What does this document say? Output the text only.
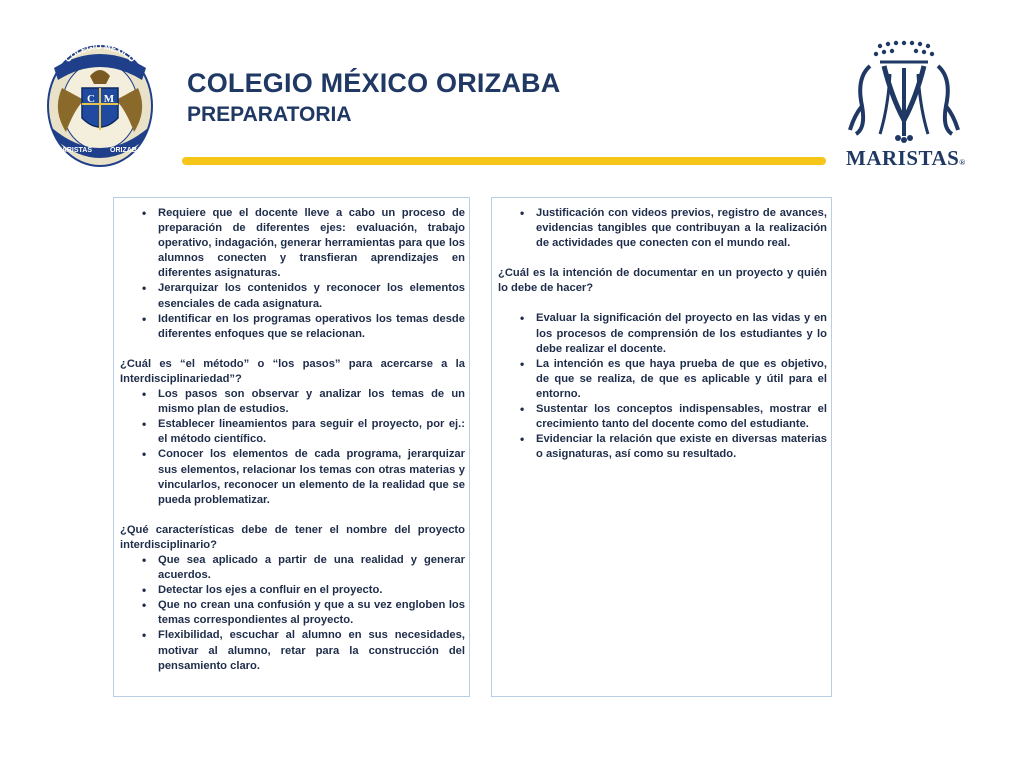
C M
COLEGIO MEXICO
MARISTAS	ORIZABA
COLEGIO MÉXICO ORIZABA
PREPARATORIA
MARISTAS®
• Requiere que el docente lleve a cabo un proceso de preparación de diferentes ejes: evaluación, trabajo operativo, indagación, generar herramientas para que los alumnos conecten y transfieran aprendizajes en diferentes asignaturas.
• Jerarquizar los contenidos y reconocer los elementos esenciales de cada asignatura.
• Identificar en los programas operativos los temas desde diferentes enfoques que se relacionan.

¿Cuál es “el método” o “los pasos” para acercarse a la Interdisciplinariedad”?

• Los pasos son observar y analizar los temas de un mismo plan de estudios.
• Establecer lineamientos para seguir el proyecto, por ej.: el método científico.
• Conocer los elementos de cada programa, jerarquizar sus elementos, relacionar los temas con otras materias y vincularlos, reconocer un elemento de la realidad que se pueda problematizar.

¿Qué características debe de tener el nombre del proyecto interdisciplinario?

• Que sea aplicado a partir de una realidad y generar acuerdos.
• Detectar los ejes a confluir en el proyecto.
• Que no crean una confusión y que a su vez engloben los temas correspondientes al proyecto.
• Flexibilidad, escuchar al alumno en sus necesidades, motivar al alumno, retar para la construcción del pensamiento claro.
• Justificación con videos previos, registro de avances, evidencias tangibles que contribuyan a la realización de actividades que conecten con el mundo real.

¿Cuál es la intención de documentar en un proyecto y quién lo debe de hacer?

• Evaluar la significación del proyecto en las vidas y en los procesos de comprensión de los estudiantes y lo debe realizar el docente.
• La intención es que haya prueba de que es objetivo, de que se realiza, de que es aplicable y útil para el entorno.
• Sustentar los conceptos indispensables, mostrar el crecimiento tanto del docente como del estudiante.
• Evidenciar la relación que existe en diversas materias o asignaturas, así como su resultado.
